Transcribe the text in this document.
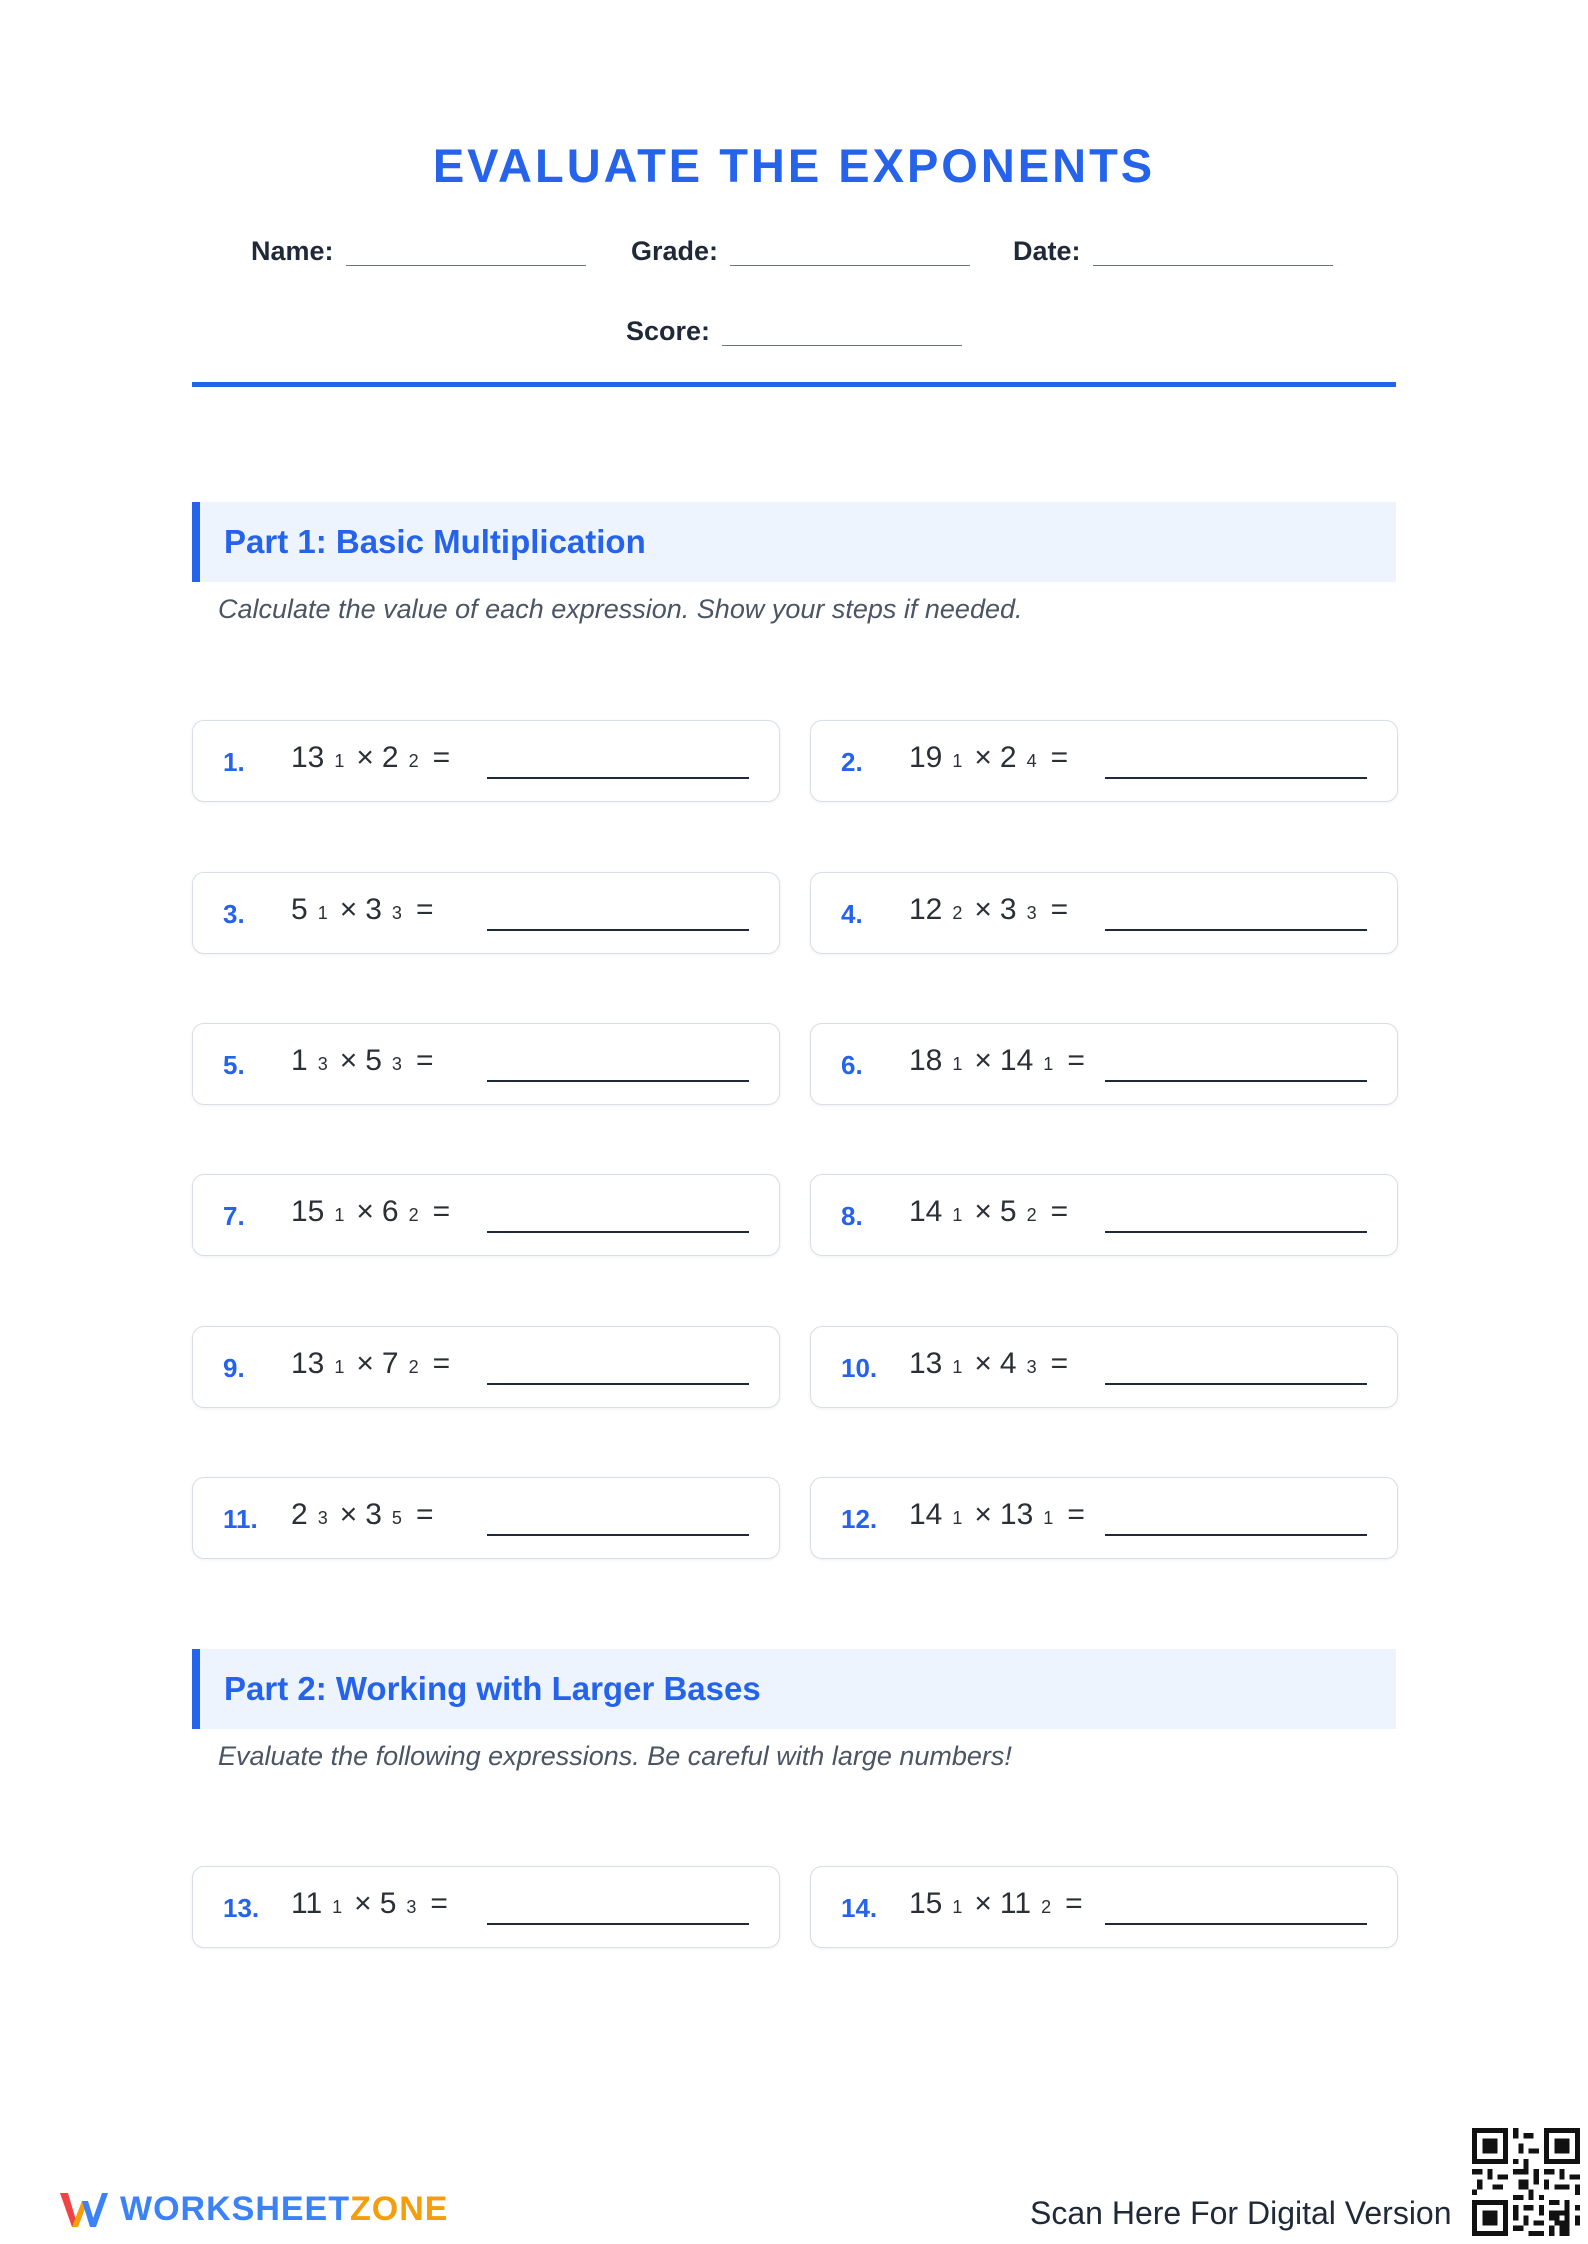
EVALUATE THE EXPONENTS
Name:	Grade:	Date:
Score:
Part 1: Basic Multiplication
Calculate the value of each expression. Show your steps if needed.
Part 2: Working with Larger Bases
Evaluate the following expressions. Be careful with large numbers!
1. 13 1 × 2 2 =	2. 19 1 × 2 4 =
3. 5 1 × 3 3 =	4. 12 2 × 3 3 =
5. 1 3 × 5 3 =	6. 18 1 × 14 1 =
7. 15 1 × 6 2 =	8. 14 1 × 5 2 =
9. 13 1 × 7 2 =	10. 13 1 × 4 3 =
11. 2 3 × 3 5 =	12. 14 1 × 13 1 =
13. 11 1 × 5 3 =	14. 15 1 × 11 2 =
WORKSHEETZONE	Scan Here For Digital Version
